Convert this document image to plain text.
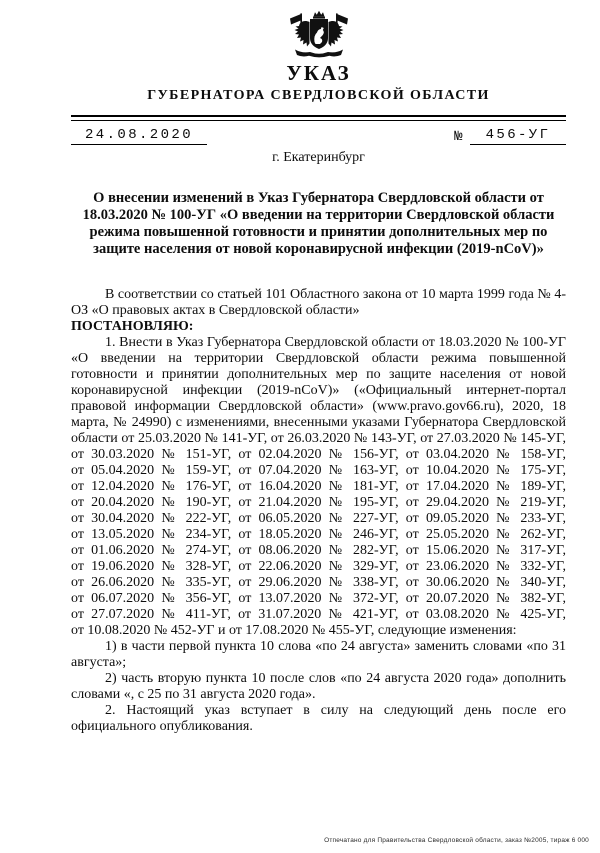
УКАЗ
ГУБЕРНАТОРА СВЕРДЛОВСКОЙ ОБЛАСТИ
24.08.2020	№	456-УГ
г. Екатеринбург
О внесении изменений в Указ Губернатора Свердловской области от 18.03.2020 № 100-УГ «О введении на территории Свердловской области режима повышенной готовности и принятии дополнительных мер по защите населения от новой коронавирусной инфекции (2019-nCoV)»

В соответствии со статьей 101 Областного закона от 10 марта 1999 года № 4-ОЗ «О правовых актах в Свердловской области»

ПОСТАНОВЛЯЮ:

1. Внести в Указ Губернатора Свердловской области от 18.03.2020 № 100-УГ «О введении на территории Свердловской области режима повышенной готовности и принятии дополнительных мер по защите населения от новой коронавирусной инфекции (2019-nCoV)» («Официальный интернет-портал правовой информации Свердловской области» (www.pravo.gov66.ru), 2020, 18 марта, № 24990) с изменениями, внесенными указами Губернатора Свердловской области от 25.03.2020 № 141-УГ, от 26.03.2020 № 143-УГ, от 27.03.2020 № 145-УГ, от 30.03.2020 № 151-УГ, от 02.04.2020 № 156-УГ, от 03.04.2020 № 158-УГ, от 05.04.2020 № 159-УГ, от 07.04.2020 № 163-УГ, от 10.04.2020 № 175-УГ, от 12.04.2020 № 176-УГ, от 16.04.2020 № 181-УГ, от 17.04.2020 № 189-УГ, от 20.04.2020 № 190-УГ, от 21.04.2020 № 195-УГ, от 29.04.2020 № 219-УГ, от 30.04.2020 № 222-УГ, от 06.05.2020 № 227-УГ, от 09.05.2020 № 233-УГ, от 13.05.2020 № 234-УГ, от 18.05.2020 № 246-УГ, от 25.05.2020 № 262-УГ, от 01.06.2020 № 274-УГ, от 08.06.2020 № 282-УГ, от 15.06.2020 № 317-УГ, от 19.06.2020 № 328-УГ, от 22.06.2020 № 329-УГ, от 23.06.2020 № 332-УГ, от 26.06.2020 № 335-УГ, от 29.06.2020 № 338-УГ, от 30.06.2020 № 340-УГ, от 06.07.2020 № 356-УГ, от 13.07.2020 № 372-УГ, от 20.07.2020 № 382-УГ, от 27.07.2020 № 411-УГ, от 31.07.2020 № 421-УГ, от 03.08.2020 № 425-УГ, от 10.08.2020 № 452-УГ и от 17.08.2020 № 455-УГ, следующие изменения:

1) в части первой пункта 10 слова «по 24 августа» заменить словами «по 31 августа»;

2) часть вторую пункта 10 после слов «по 24 августа 2020 года» дополнить словами «, с 25 по 31 августа 2020 года».

2. Настоящий указ вступает в силу на следующий день после его официального опубликования.

Отпечатано для Правительства Свердловской области, заказ №2005, тираж 6 000
